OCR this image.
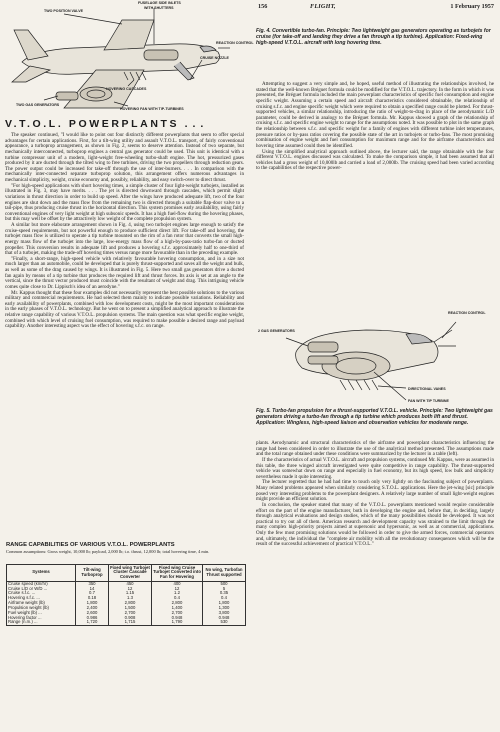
156	FLIGHT,	1 February 1957
TWO POSITION VALVE
FUSELAGE SIDE INLETS
WITH SHUTTERS
REACTION CONTROL
CRUISE NOZZLE
HOVERING CASCADES
TWO GAS GENERATORS
HOVERING FAN WITH TIP-TURBINES
Fig. 4. Convertible turbo-fan. Principle: Two lightweight gas generators operating as turbojets for cruise (for take-off and landing they drive a fan through a tip turbine). Application: Fixed-wing high-speed V.T.O.L. aircraft with long hovering time.
V.T.O.L. POWERPLANTS . . .

The speaker continued, "I would like to point out four distinctly different powerplants that seem to offer special advantages for certain applications. First, for a tilt-wing utility and assault V.T.O.L. transport, of fairly conventional appearance, a turboprop arrangement, as shown in Fig. 2, seems to deserve attention. Instead of two separate, but mechanically interconnected, turboprop engines a central gas generator could be used. This unit is identical with a turbine compressor unit of a modern, light-weight free-wheeling turbo-shaft engine. The hot, pressurized gases produced by it are ducted through the tilted wing to free turbines, driving the two propellers through reduction gears. The power output could be increased for take-off through the use of inter-burners. . . . In comparison with the mechanically inter-connected separate turboprop solution, this arrangement offers numerous advantages in mechanical simplicity, weight, cruise economy and, possibly, reliability, and easy switch-over to direct thrust.

"For high-speed applications with short hovering times, a simple cluster of four light-weight turbojets, installed as illustrated in Fig. 3, may have merits. . . . The jet is directed downward through cascades, which permit slight variations in thrust direction in order to build up speed. After the wings have produced adequate lift, two of the four engines are shut down and the mass flow from the remaining two is directed through a suitable flap-door valve to a tail-pipe, thus producing cruise thrust in the horizontal direction. This system promises early availability, using fairly conventional engines of very light weight at high subsonic speeds. It has a high fuel-flow during the hovering phases, but this may well be offset by the attractively low weight of the complete propulsion system.

A similar but more elaborate arrangement shown in Fig. 4, using two turbojet engines large enough to satisfy the cruise-speed requirements, but not powerful enough to produce sufficient direct lift. For take-off and hovering, the turbojet mass flow is utilized to operate a tip turbine mounted on the rim of a fan rotor that converts the small high-energy mass flow of the turbojet into the large, low-energy mass flow of a high-by-pass-ratio turbo-fan or ducted propeller. This conversion results in adequate lift and produces a hovering s.f.c. approximately half to one-third of that of a turbojet, making the trade-off hovering times versus range more favourable than in the preceding example.

"Finally, a short-range, high-speed vehicle with relatively favourable hovering consumption, and in a size not much larger than an automobile, could be developed that is purely thrust-supported and saves all the weight and bulk, as well as some of the drag caused by wings. It is illustrated in Fig. 5. Here two small gas generators drive a ducted fan again by means of a tip turbine that produces the required lift and thrust forces. Its axis is set at an angle to the vertical, since the thrust vector produced must coincide with the resultant of weight and drag. This intriguing vehicle comes quite close to Dr. Lippisch's idea of an aerodyne."

Mr. Kappus thought that these four examples did not necessarily represent the best possible solutions to the various military and commercial requirements. He had selected them mainly to indicate possible variations. Reliability and early availability of powerplants, combined with low development costs, might be the most important considerations in the early phases of V.T.O.L. technology. But he went on to present a simplified analytical approach to illustrate the relative range capability of various V.T.O.L. propulsion systems. The main question was what specific engine weight, combined with which level of cruising fuel consumption, was required to make possible a desired range and payload capability. Another interesting aspect was the effect of hovering s.f.c. on range.

RANGE CAPABILITIES OF VARIOUS V.T.O.L. POWERPLANTS
Common assumptions: Gross weight, 10,000 lb; payload, 2,000 lb; t.o. thrust, 12,000 lb; total hovering time, 4 min.
Systems	Tilt-wing Turboprop	Fixed wing Turbojet Cluster Cascade Converter	Fixed wing Cruise Turbojet Converted into Fan for Hovering	No wing, Turbofan Thrust supported
Cruise speed (km/hr)	350	450	400	500
Cruise L/D or W/D ...	14	12	12	5
Cruise s.f.c. ...	0.7	1.15	1.2	0.35
Hovering s.f.c. ...	0.18	1.3	0.4	0.4
Airframe weight (lb)	1,800	2,800	2,800	1,800
Propulsion weight (lb)	2,400	1,500	1,400	1,300
Fuel weight (lb) ...	2,600	2,700	2,700	3,800
Hovering factor ...	0.986	0.908	0.948	0.948
Range (n.m.) ...	1,720	1,715	1,790	530

Attempting to suggest a very simple and, he hoped, useful method of illustrating the relationships involved, he stated that the well-known Bréguet formula could be modified for the V.T.O.L. trajectory. In the form in which it was presented, the Bréguet formula included the main powerplant characteristics of specific fuel consumption and engine specific weight. Assuming a certain speed and aircraft characteristics considered obtainable, the relationship of cruising s.f.c. and engine specific weight which were required to obtain a specified range could be plotted. For thrust-supported vehicles, a similar relationship, introducing the ratio of weight-to-drag in place of the aerodynamic L/D parameter, could be derived in analogy to the Bréguet formula. Mr. Kappus showed a graph of the relationship of cruising s.f.c. and specific engine weight to range for the assumptions noted. It was possible to plot in the same graph the relationship between s.f.c. and specific weight for a family of engines with different turbine inlet temperatures, pressure ratios or by-pass ratios covering the possible state of the art in turbojets or turbo-fans. The most promising combination of engine weight and fuel consumption for maximum range and for the airframe characteristics and hovering time assumed could then be identified.

Using the simplified analytical approach outlined above, the lecturer said, the range obtainable with the four different V.T.O.L. engines discussed was calculated. To make the comparison simple, it had been assumed that all vehicles had a gross weight of 10,000lb and carried a load of 2,000lb. The cruising speed had been varied according to the capabilities of the respective power-

REACTION CONTROL
2 GAS GENERATORS
DIRECTIONAL VANES
FAN WITH TIP TURBINE
Fig. 5. Turbo-fan propulsion for a thrust-supported V.T.O.L. vehicle. Principle: Two lightweight gas generators driving a turbo-fan through a tip turbine which produces both lift and thrust. Application: Wingless, high-speed liaison and observation vehicles for moderate range.

plants. Aerodynamic and structural characteristics of the airframe and powerplant characteristics influencing the range had been considered in order to illustrate the use of the analytical method presented. The assumptions made and the total range obtained under these conditions were summarized by the lecturer in a table (left).

If the characteristics of actual V.T.O.L. aircraft and propulsion systems, continued Mr. Kappus, were as assumed in this table, the three winged aircraft investigated were quite competitive in range capability. The thrust-supported vehicle was somewhat down on range and especially in fuel economy, but its high speed, low bulk and simplicity nevertheless made it quite interesting.

The lecturer regretted that he had had time to touch only very lightly on the fascinating subject of powerplants. Many related problems appeared when similarly considering S.T.O.L. applications. Here the jet-wing [sic] principle posed very interesting problems to the powerplant designers. A relatively large number of small light-weight engines might provide an efficient solution.

In conclusion, the speaker stated that many of the V.T.O.L. powerplants mentioned would require considerable effort on the part of the engine manufacturer, both in developing the engine and, before that, in deciding, largely through analytical evaluations and design studies, which of the many possibilities should be developed. It was not practical to try out all of them. American research and development capacity was strained to the limit through the many complex high-priority projects aimed at supersonic and hypersonic, as well as at commercial, applications. Only the few most promising solutions would be followed in order to give the armed forces, commercial operators and, ultimately, the individual the "complete air mobility with all the revolutionary consequences which will be the result of the successful achievement of practical V.T.O.L."
